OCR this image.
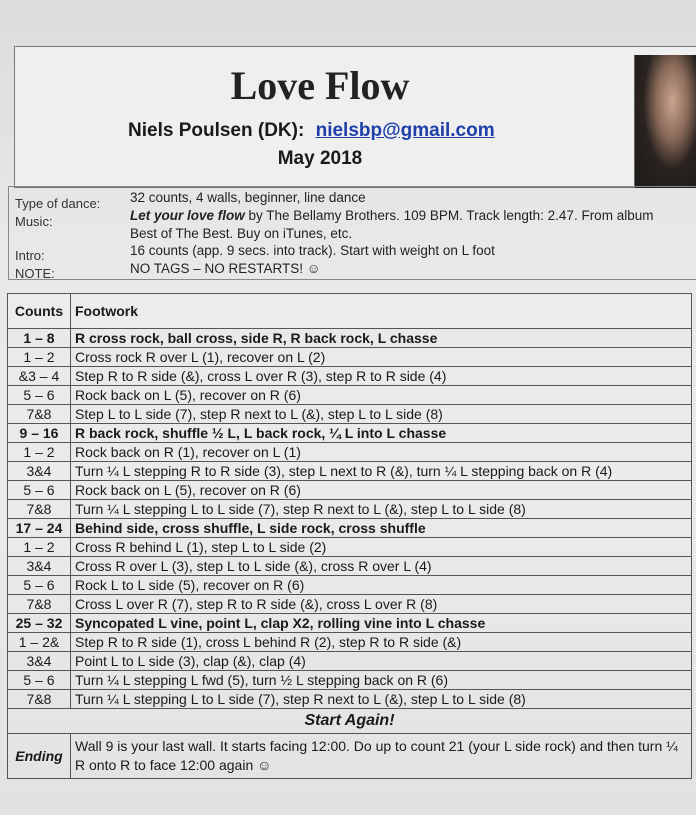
Love Flow
Niels Poulsen (DK): nielsbp@gmail.com
May 2018
Type of dance: 32 counts, 4 walls, beginner, line dance
Music:	Let your love flow by The Bellamy Brothers. 109 BPM. Track length: 2.47. From album
Best of The Best. Buy on iTunes, etc.
Intro:	16 counts (app. 9 secs. into track). Start with weight on L foot
NOTE:	NO TAGS – NO RESTARTS! ☺
Counts	Footwork
1 – 8	R cross rock, ball cross, side R, R back rock, L chasse
1 – 2	Cross rock R over L (1), recover on L (2)
&3 – 4	Step R to R side (&), cross L over R (3), step R to R side (4)
5 – 6	Rock back on L (5), recover on R (6)
7&8	Step L to L side (7), step R next to L (&), step L to L side (8)
9 – 16	R back rock, shuffle ½ L, L back rock, ¼ L into L chasse
1 – 2	Rock back on R (1), recover on L (1)
3&4	Turn ¼ L stepping R to R side (3), step L next to R (&), turn ¼ L stepping back on R (4)
5 – 6	Rock back on L (5), recover on R (6)
7&8	Turn ¼ L stepping L to L side (7), step R next to L (&), step L to L side (8)
17 – 24	Behind side, cross shuffle, L side rock, cross shuffle
1 – 2	Cross R behind L (1), step L to L side (2)
3&4	Cross R over L (3), step L to L side (&), cross R over L (4)
5 – 6	Rock L to L side (5), recover on R (6)
7&8	Cross L over R (7), step R to R side (&), cross L over R (8)
25 – 32	Syncopated L vine, point L, clap X2, rolling vine into L chasse
1 – 2&	Step R to R side (1), cross L behind R (2), step R to R side (&)
3&4	Point L to L side (3), clap (&), clap (4)
5 – 6	Turn ¼ L stepping L fwd (5), turn ½ L stepping back on R (6)
7&8	Turn ¼ L stepping L to L side (7), step R next to L (&), step L to L side (8)
Start Again!	
Ending	Wall 9 is your last wall. It starts facing 12:00. Do up to count 21 (your L side rock) and then turn ¼ R onto R to face 12:00 again ☺
